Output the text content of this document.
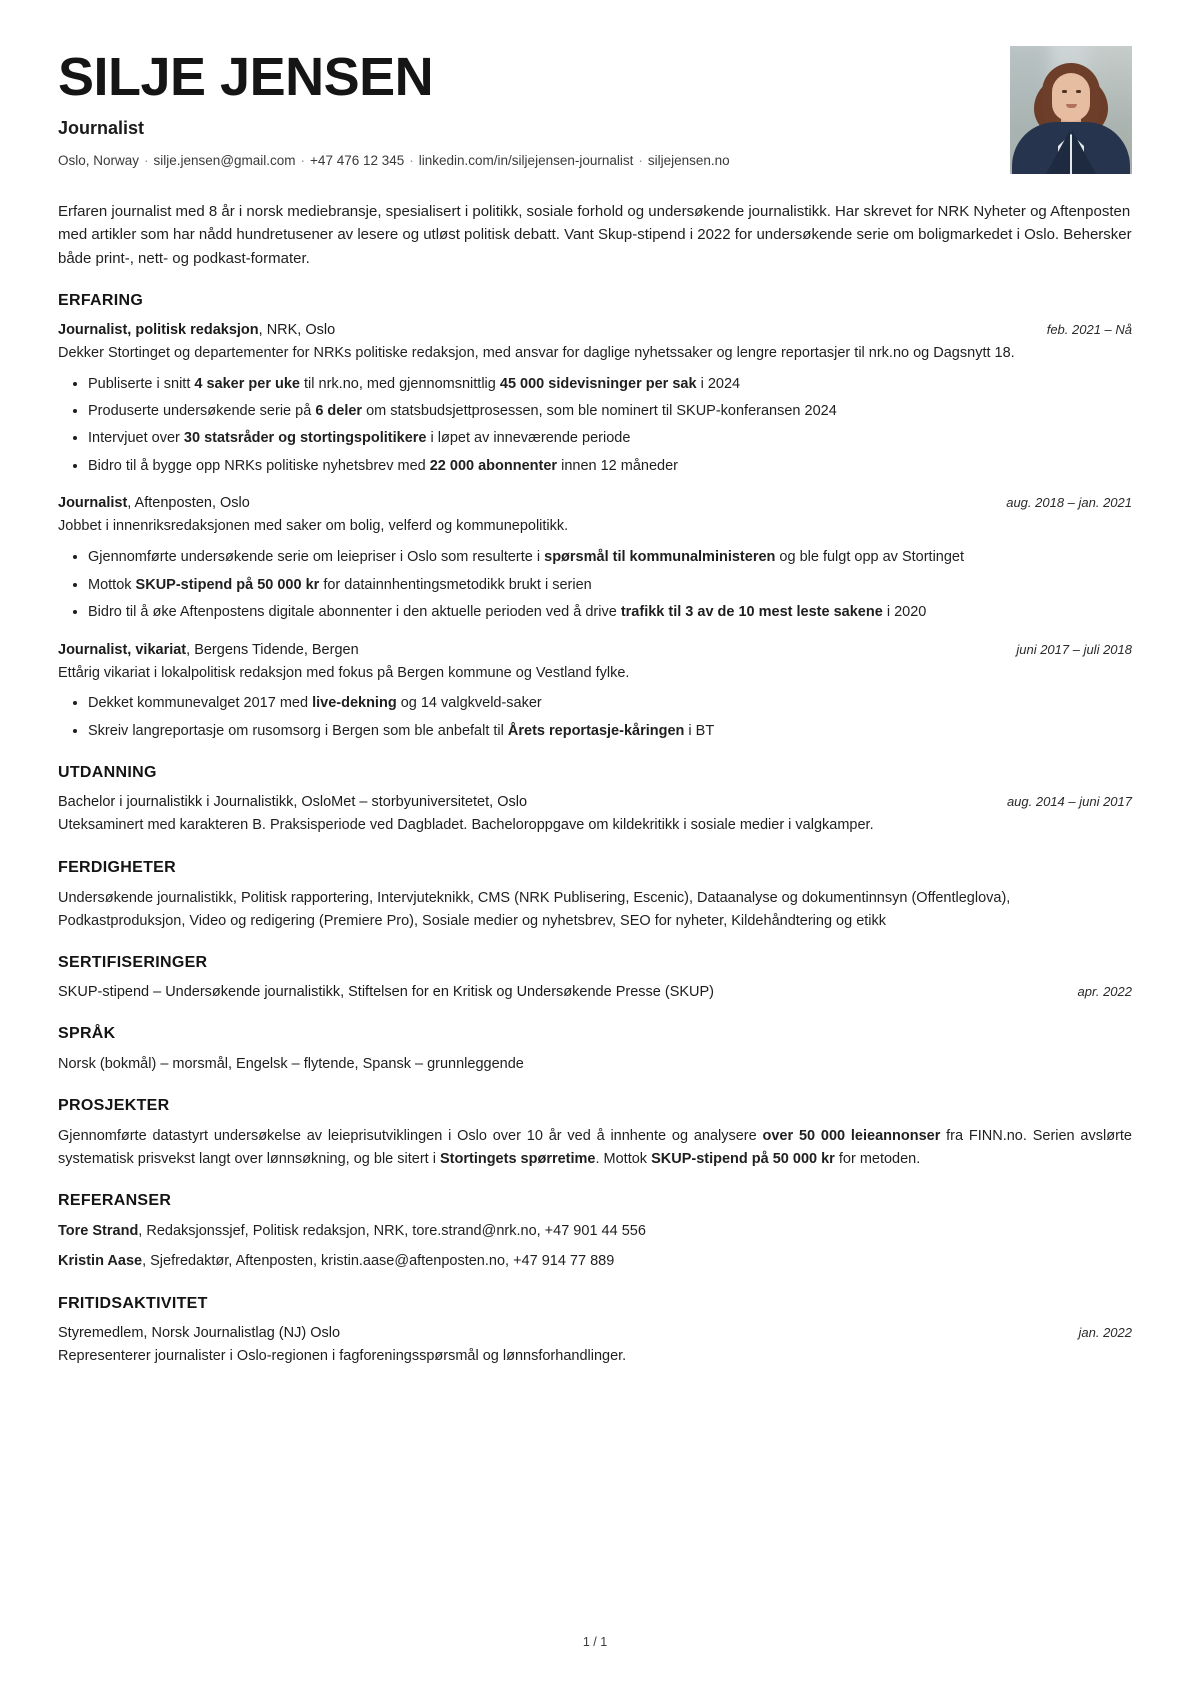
SILJE JENSEN
Journalist
Oslo, Norway · silje.jensen@gmail.com · +47 476 12 345 · linkedin.com/in/siljejensen-journalist · siljejensen.no
Erfaren journalist med 8 år i norsk mediebransje, spesialisert i politikk, sosiale forhold og undersøkende journalistikk. Har skrevet for NRK Nyheter og Aftenposten med artikler som har nådd hundretusener av lesere og utløst politisk debatt. Vant Skup-stipend i 2022 for undersøkende serie om boligmarkedet i Oslo. Behersker både print-, nett- og podkast-formater.
ERFARING
Journalist, politisk redaksjon, NRK, Oslo	feb. 2021 – Nå
Dekker Stortinget og departementer for NRKs politiske redaksjon, med ansvar for daglige nyhetssaker og lengre reportasjer til nrk.no og Dagsnytt 18.
Publiserte i snitt 4 saker per uke til nrk.no, med gjennomsnittlig 45 000 sidevisninger per sak i 2024
Produserte undersøkende serie på 6 deler om statsbudsjettprosessen, som ble nominert til SKUP-konferansen 2024
Intervjuet over 30 statsråder og stortingspolitikere i løpet av inneværende periode
Bidro til å bygge opp NRKs politiske nyhetsbrev med 22 000 abonnenter innen 12 måneder
Journalist, Aftenposten, Oslo	aug. 2018 – jan. 2021
Jobbet i innenriksredaksjonen med saker om bolig, velferd og kommunepolitikk.
Gjennomførte undersøkende serie om leiepriser i Oslo som resulterte i spørsmål til kommunalministeren og ble fulgt opp av Stortinget
Mottok SKUP-stipend på 50 000 kr for datainnhentingsmetodikk brukt i serien
Bidro til å øke Aftenpostens digitale abonnenter i den aktuelle perioden ved å drive trafikk til 3 av de 10 mest leste sakene i 2020
Journalist, vikariat, Bergens Tidende, Bergen	juni 2017 – juli 2018
Ettårig vikariat i lokalpolitisk redaksjon med fokus på Bergen kommune og Vestland fylke.
Dekket kommunevalget 2017 med live-dekning og 14 valgkveld-saker
Skreiv langreportasje om rusomsorg i Bergen som ble anbefalt til Årets reportasje-kåringen i BT
UTDANNING
Bachelor i journalistikk i Journalistikk, OsloMet – storbyuniversitetet, Oslo	aug. 2014 – juni 2017
Uteksaminert med karakteren B. Praksisperiode ved Dagbladet. Bacheloroppgave om kildekritikk i sosiale medier i valgkamper.
FERDIGHETER
Undersøkende journalistikk, Politisk rapportering, Intervjuteknikk, CMS (NRK Publisering, Escenic), Dataanalyse og dokumentinnsyn (Offentleglova), Podkastproduksjon, Video og redigering (Premiere Pro), Sosiale medier og nyhetsbrev, SEO for nyheter, Kildehåndtering og etikk
SERTIFISERINGER
SKUP-stipend – Undersøkende journalistikk, Stiftelsen for en Kritisk og Undersøkende Presse (SKUP)	apr. 2022
SPRÅK
Norsk (bokmål) – morsmål, Engelsk – flytende, Spansk – grunnleggende
PROSJEKTER
Gjennomførte datastyrt undersøkelse av leieprisutviklingen i Oslo over 10 år ved å innhente og analysere over 50 000 leieannonser fra FINN.no. Serien avslørte systematisk prisvekst langt over lønnsøkning, og ble sitert i Stortingets spørretime. Mottok SKUP-stipend på 50 000 kr for metoden.
REFERANSER
Tore Strand, Redaksjonssjef, Politisk redaksjon, NRK, tore.strand@nrk.no, +47 901 44 556
Kristin Aase, Sjefredaktør, Aftenposten, kristin.aase@aftenposten.no, +47 914 77 889
FRITIDSAKTIVITET
Styremedlem, Norsk Journalistlag (NJ) Oslo	jan. 2022
Representerer journalister i Oslo-regionen i fagforeningsspørsmål og lønnsforhandlinger.
1 / 1
